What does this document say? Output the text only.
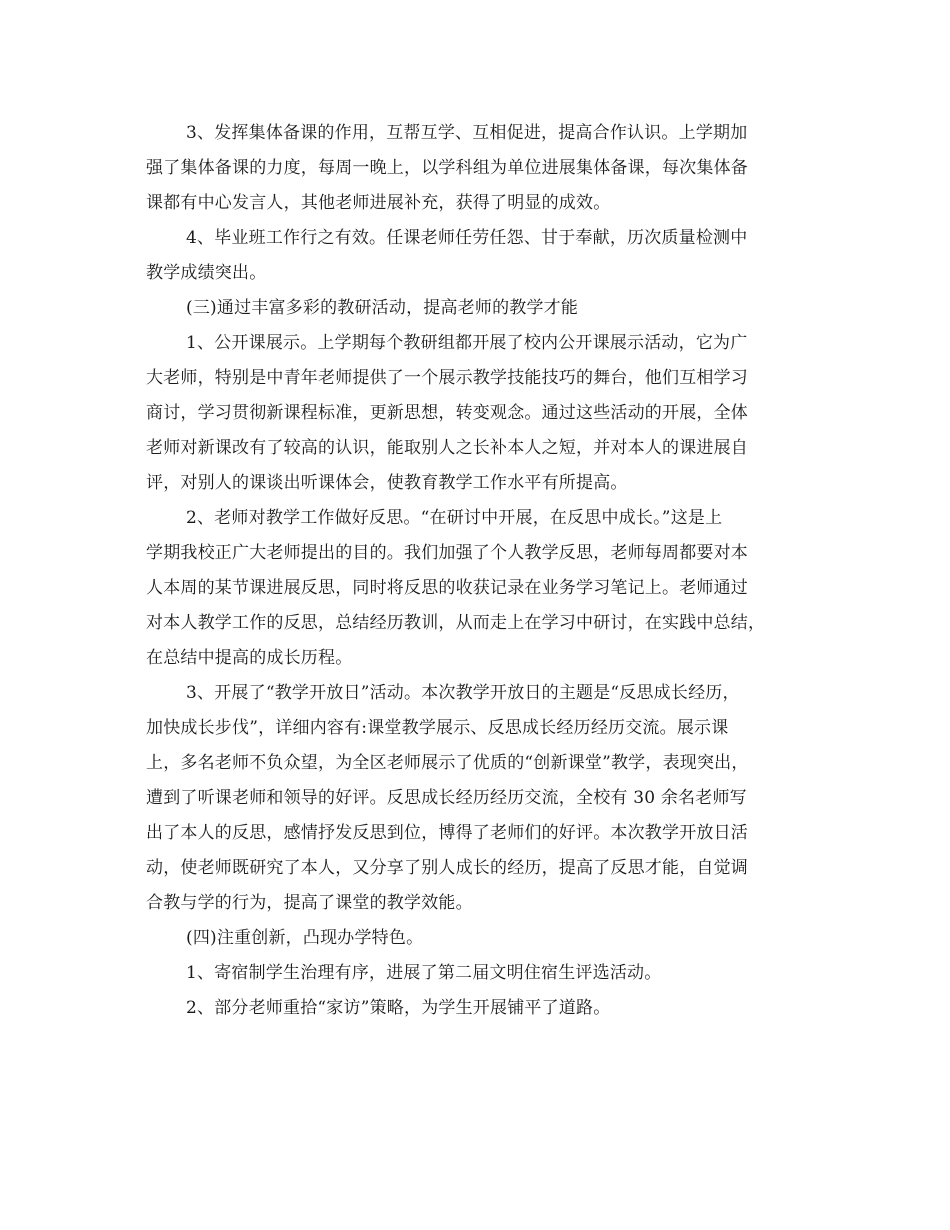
3、发挥集体备课的作用，互帮互学、互相促进，提高合作认识。上学期加
强了集体备课的力度，每周一晚上，以学科组为单位进展集体备课，每次集体备
课都有中心发言人，其他老师进展补充，获得了明显的成效。
4、毕业班工作行之有效。任课老师任劳任怨、甘于奉献，历次质量检测中
教学成绩突出。
(三)通过丰富多彩的教研活动，提高老师的教学才能
1、公开课展示。上学期每个教研组都开展了校内公开课展示活动，它为广
大老师，特别是中青年老师提供了一个展示教学技能技巧的舞台，他们互相学习
商讨，学习贯彻新课程标准，更新思想，转变观念。通过这些活动的开展，全体
老师对新课改有了较高的认识，能取别人之长补本人之短，并对本人的课进展自
评，对别人的课谈出听课体会，使教育教学工作水平有所提高。
2、老师对教学工作做好反思。“在研讨中开展，在反思中成长。”这是上
学期我校正广大老师提出的目的。我们加强了个人教学反思，老师每周都要对本
人本周的某节课进展反思，同时将反思的收获记录在业务学习笔记上。老师通过
对本人教学工作的反思，总结经历教训，从而走上在学习中研讨，在实践中总结，
在总结中提高的成长历程。
3、开展了“教学开放日”活动。本次教学开放日的主题是“反思成长经历，
加快成长步伐”，详细内容有:课堂教学展示、反思成长经历经历交流。展示课
上，多名老师不负众望，为全区老师展示了优质的“创新课堂”教学，表现突出，
遭到了听课老师和领导的好评。反思成长经历经历交流，全校有 30 余名老师写
出了本人的反思，感情抒发反思到位，博得了老师们的好评。本次教学开放日活
动，使老师既研究了本人，又分享了别人成长的经历，提高了反思才能，自觉调
合教与学的行为，提高了课堂的教学效能。
(四)注重创新，凸现办学特色。
1、寄宿制学生治理有序，进展了第二届文明住宿生评选活动。
2、部分老师重拾“家访”策略，为学生开展铺平了道路。
